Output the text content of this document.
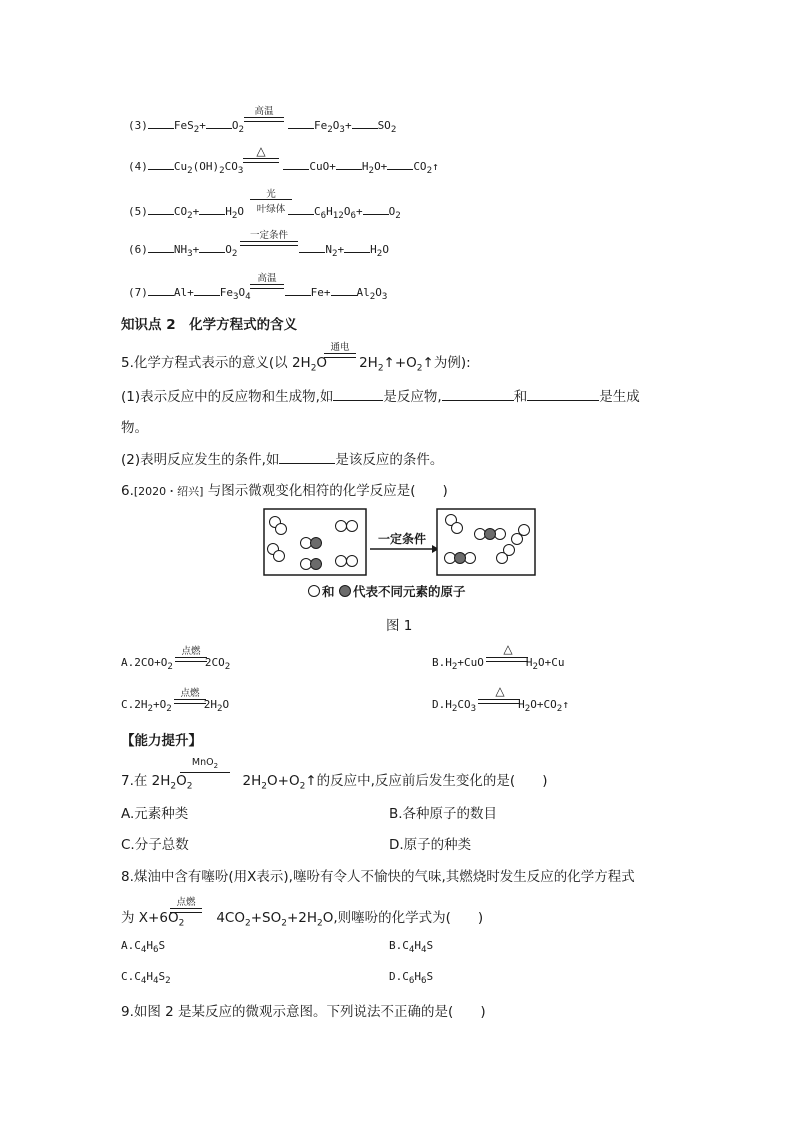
(3) $FeS_2+ O_2$	$Fe_2O_3+ SO_2$
高温
(4) $Cu_2(OH)_2CO_3$	$CuO+ H_2O+$ $CO_2↑$
△
(5) $CO_2+ H_2O$	$C_6H_{12}O_6+ O_2$
光
叶绿体
(6) $NH_3+ O_2$	$N_2+ H_2O$
一定条件
(7) $Al+ Fe_3O_4$	$Fe+ Al_2O_3$
高温
知识点 2　化学方程式的含义
5.化学方程式表示的意义(以 $2H_2O$ $2H_2↑+O_2↑$为例):
通电
(1)表示反应中的反应物和生成物,如	是反应物,	和	是生成
物。
(2)表明反应发生的条件,如	是该反应的条件。
6.[2020・绍兴] 与图示微观变化相符的化学反应是(　　)
一定条件
和 代表不同元素的原子
图 1
$A.2CO+O_2$	$2CO_2$
点燃
$B.H_2+CuO$	$H_2O+Cu$
△
$C.2H_2+O_2$	$2H_2O$
点燃
$D.H_2CO_3$	$H_2O+CO_2↑$
△
【能力提升】
7.在 $2H_2O_2$	$2H_2O+O_2↑$的反应中,反应前后发生变化的是(　　)
MnO$_2$
A.元素种类	B.各种原子的数目
C.分子总数	D.原子的种类
8.煤油中含有噻吩(用X表示),噻吩有令人不愉快的气味,其燃烧时发生反应的化学方程式
为 $X+6O_2$ $4CO_2+SO_2+2H_2O$,则噻吩的化学式为(　　)
点燃
$A.C_4H_6S$	$B.C_4H_4S$
$C.C_4H_4S_2$	$D.C_6H_6S$
9.如图 2 是某反应的微观示意图。下列说法不正确的是(　　)
